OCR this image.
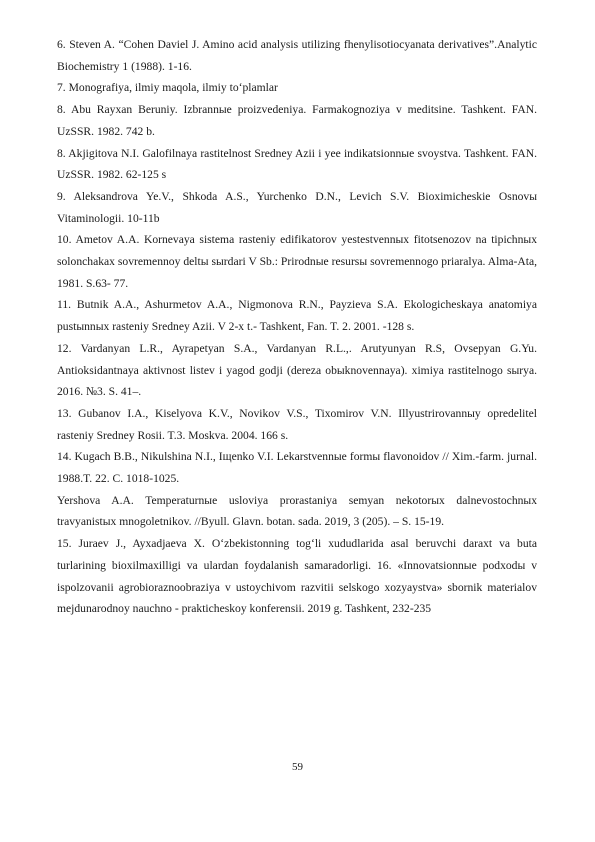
6. Steven A. “Cohen Daviel J. Amino acid analysis utilizing fhenylisotiocyanata derivatives”.Analytic Biochemistry 1 (1988). 1-16.

7. Monografiya, ilmiy maqola, ilmiy to‘plamlar

8. Abu Rayxan Beruniy. Izbrannыe proizvedeniya. Farmakognoziya v meditsine. Tashkent. FAN. UzSSR. 1982. 742 b.

8. Akjigitova N.I. Galofilnaya rastitelnost Sredney Azii i yee indikatsionnыe svoystva. Tashkent. FAN. UzSSR. 1982. 62-125 s

9. Aleksandrova Ye.V., Shkoda A.S., Yurchenko D.N., Levich S.V. Bioximicheskie Osnovы Vitaminologii. 10-11b

10. Ametov A.A. Kornevaya sistema rasteniy edifikatorov yestestvennыx fitotsenozov na tipichnыx solonchakax sovremennoy deltы sыrdari V Sb.: Prirodnыe resursы sovremennogo priaralya. Alma-Ata, 1981. S.63- 77.

11. Butnik A.A., Ashurmetov A.A., Nigmonova R.N., Payzieva S.A. Ekologicheskaya anatomiya pustыnnыx rasteniy Sredney Azii. V 2-x t.- Tashkent, Fan. T. 2. 2001. -128 s.

12. Vardanyan L.R., Ayrapetyan S.A., Vardanyan R.L.,. Arutyunyan R.S, Ovsepyan G.Yu. Antioksidantnaya aktivnost listev i yagod godji (dereza obыknovennaya). ximiya rastitelnogo sыrya. 2016. №3. S. 41–.

13. Gubanov I.A., Kiselyova K.V., Novikov V.S., Tixomirov V.N. Illyustrirovannыy opredelitel rasteniy Sredney Rosii. T.3. Moskva. 2004. 166 s.

14. Kugach B.B., Nikulshina N.I., Iщenko V.I. Lekarstvennыe formы flavonoidov // Xim.-farm. jurnal. 1988.T. 22. C. 1018-1025.

Yershova A.A. Temperaturnыe usloviya prorastaniya semyan nekotorыx dalnevostochnыx travyanistыx mnogoletnikov. //Byull. Glavn. botan. sada. 2019, 3 (205). – S. 15-19.

15. Juraev J., Ayxadjaeva X. O‘zbekistonning tog‘li xududlarida asal beruvchi daraxt va buta turlarining bioxilmaxilligi va ulardan foydalanish samaradorligi. 16. «Innovatsionnыe podxodы v ispolzovanii agrobioraznoobraziya v ustoychivom razvitii selskogo xozyaystva» sbornik materialov mejdunarodnoy nauchno - prakticheskoy konferensii. 2019 g. Tashkent, 232-235

59
